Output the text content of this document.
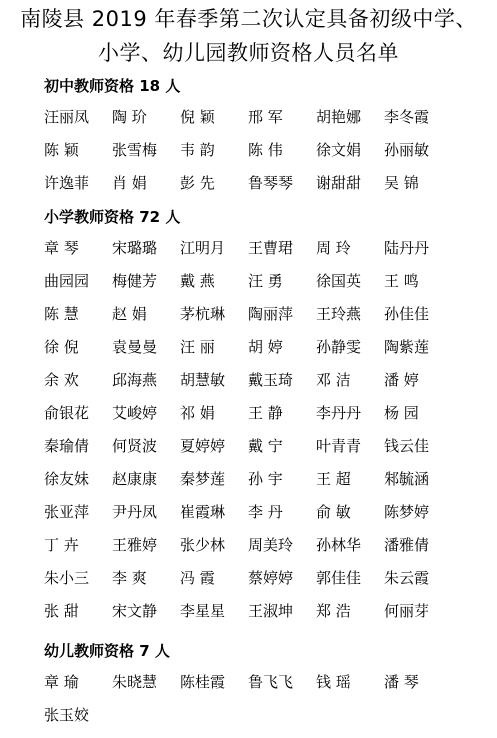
南陵县 2019 年春季第二次认定具备初级中学、
小学、幼儿园教师资格人员名单
初中教师资格 18 人
汪丽凤	陶 玠	倪 颖	邢 军	胡艳娜	李冬霞
陈 颖	张雪梅	韦 韵	陈 伟	徐文娟	孙丽敏
许逸菲	肖 娟	彭 先	鲁琴琴	谢甜甜	吴 锦
小学教师资格 72 人
章 琴	宋璐璐	江明月	王曹珺	周 玲	陆丹丹
曲园园	梅健芳	戴 燕	汪 勇	徐国英	王 鸣
陈 慧	赵 娟	茅杭琳	陶丽萍	王玲燕	孙佳佳
徐 倪	袁曼曼	汪 丽	胡 婷	孙静雯	陶紫莲
余 欢	邱海燕	胡慧敏	戴玉琦	邓 洁	潘 婷
俞银花	艾峻婷	祁 娟	王 静	李丹丹	杨 园
秦瑜倩	何贤波	夏婷婷	戴 宁	叶青青	钱云佳
徐友妹	赵康康	秦梦莲	孙 宇	王 超	邾毓涵
张亚萍	尹丹凤	崔霞琳	李 丹	俞 敏	陈梦婷
丁 卉	王雅婷	张少林	周美玲	孙林华	潘雅倩
朱小三	李 爽	冯 霞	蔡婷婷	郭佳佳	朱云霞
张 甜	宋文静	李星星	王淑坤	郑 浩	何丽芽
幼儿教师资格 7 人
章 瑜	朱晓慧	陈桂霞	鲁飞飞	钱 瑶	潘 琴
张玉姣
